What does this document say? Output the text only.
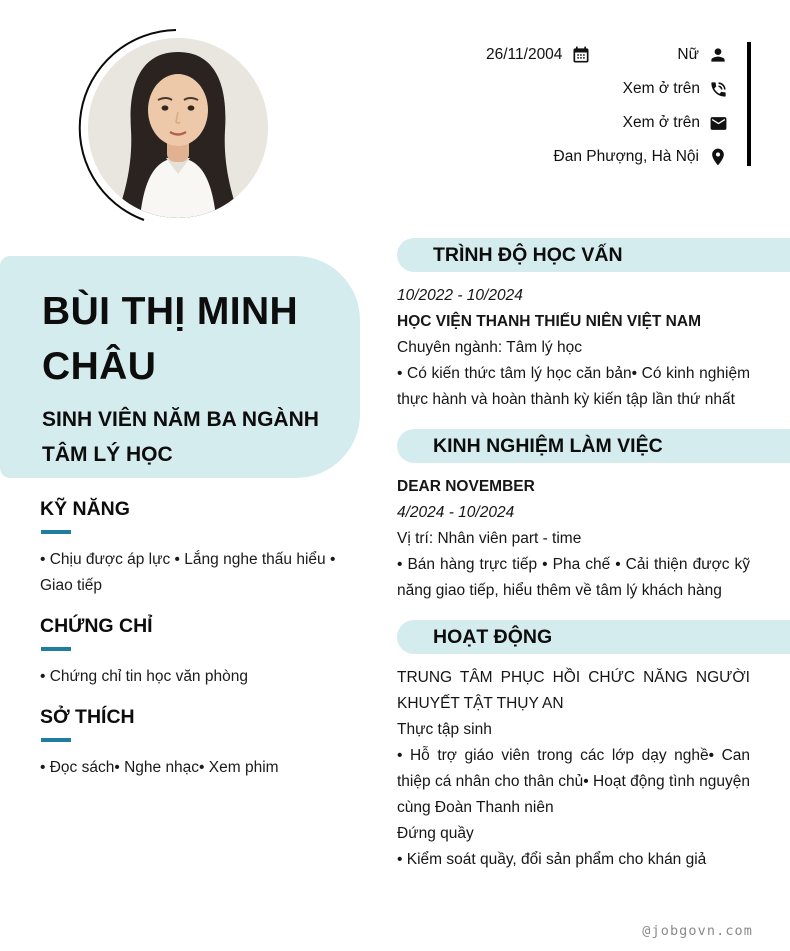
26/11/2004	Nữ
Xem ở trên
Xem ở trên
Đan Phượng, Hà Nội
BÙI THỊ MINH CHÂU
SINH VIÊN NĂM BA NGÀNH TÂM LÝ HỌC
KỸ NĂNG

• Chịu được áp lực • Lắng nghe thấu hiểu • Giao tiếp

CHỨNG CHỈ

• Chứng chỉ tin học văn phòng

SỞ THÍCH

• Đọc sách• Nghe nhạc• Xem phim

TRÌNH ĐỘ HỌC VẤN

10/2022 - 10/2024

HỌC VIỆN THANH THIẾU NIÊN VIỆT NAM

Chuyên ngành: Tâm lý học

• Có kiến thức tâm lý học căn bản• Có kinh nghiệm thực hành và hoàn thành kỳ kiến tập lần thứ nhất

KINH NGHIỆM LÀM VIỆC

DEAR NOVEMBER

4/2024 - 10/2024

Vị trí: Nhân viên part - time

• Bán hàng trực tiếp • Pha chế • Cải thiện được kỹ năng giao tiếp, hiểu thêm về tâm lý khách hàng

HOẠT ĐỘNG

TRUNG TÂM PHỤC HỒI CHỨC NĂNG NGƯỜI KHUYẾT TẬT THỤY AN

Thực tập sinh

• Hỗ trợ giáo viên trong các lớp dạy nghề• Can thiệp cá nhân cho thân chủ• Hoạt động tình nguyện cùng Đoàn Thanh niên

Đứng quầy

• Kiểm soát quầy, đổi sản phẩm cho khán giả

@jobgovn.com
